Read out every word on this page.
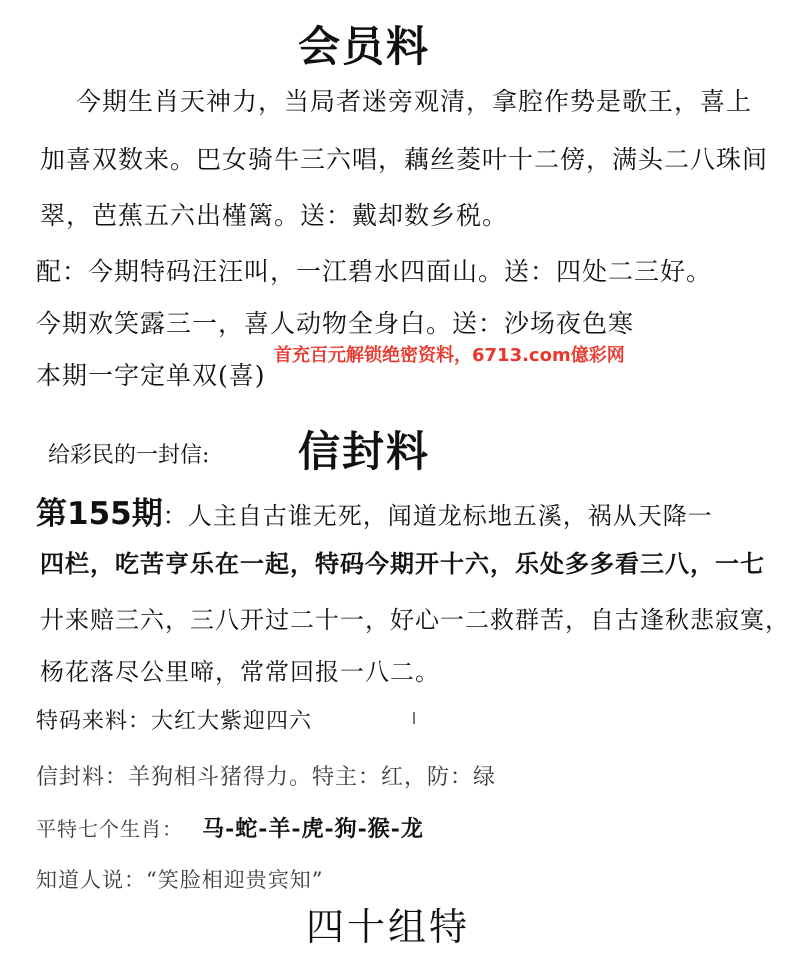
会员料
今期生肖天神力，当局者迷旁观清，拿腔作势是歌王，喜上
加喜双数来。巴女骑牛三六唱，藕丝菱叶十二傍，满头二八珠间
翠，芭蕉五六出槿篱。送：戴却数乡税。
配：今期特码汪汪叫，一江碧水四面山。送：四处二三好。
今期欢笑露三一，喜人动物全身白。送：沙场夜色寒
本期一字定单双(喜)
首充百元解锁绝密资料，6713.com億彩网
给彩民的一封信: 信封料
第155期：人主自古谁无死，闻道龙标地五溪，祸从天降一
四栏，吃苦亨乐在一起，特码今期开十六，乐处多多看三八，一七
廾来赔三六，三八开过二十一，好心一二救群苦，自古逢秋悲寂寞，
杨花落尽公里啼，常常回报一八二。
特码来料：大红大紫迎四六
信封料：羊狗相斗猪得力。特主：红，防：绿
平特七个生肖： 马-蛇-羊-虎-狗-猴-龙
知道人说：“笑脸相迎贵宾知”
四十组特
